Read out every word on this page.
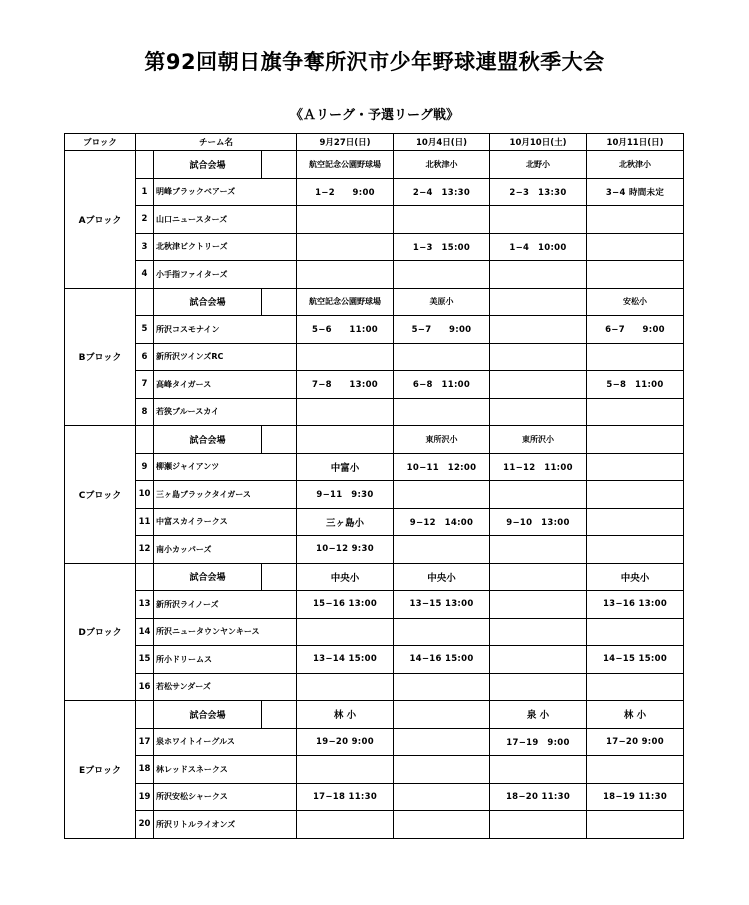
第92回朝日旗争奪所沢市少年野球連盟秋季大会
《Ａリーグ・予選リーグ戦》
ブロック	チーム名			9月27日(日)	10月4日(日)	10月10日(土)	10月11日(日)
Aブロック		試合会場		航空記念公園野球場	北秋津小	北野小	北秋津小
	1	明峰ブラックベアーズ		1−2　　9:00	2−4　13:30	2−3　13:30	3−4 時間未定
	2	山口ニュースターズ					
	3	北秋津ビクトリーズ			1−3　15:00	1−4　10:00	
	4	小手指ファイターズ					
Bブロック		試合会場		航空記念公園野球場	美原小		安松小
	5	所沢コスモナイン		5−6　　11:00	5−7　　9:00		6−7　　9:00
	6	新所沢ツインズRC					
	7	高峰タイガース		7−8　　13:00	6−8　11:00		5−8　11:00
	8	若狭ブルースカイ					
Cブロック		試合会場			東所沢小	東所沢小	
	9	柳瀬ジャイアンツ		中富小	10−11　12:00	11−12　11:00	
	10	三ヶ島ブラックタイガース		9−11　9:30			
	11	中富スカイラークス		三ヶ島小	9−12　14:00	9−10　13:00	
	12	南小カッパーズ		10−12 9:30			
Dブロック		試合会場		中央小	中央小		中央小
	13	新所沢ライノーズ		15−16 13:00	13−15 13:00		13−16 13:00
	14	所沢ニュータウンヤンキース					
	15	所小ドリームス		13−14 15:00	14−16 15:00		14−15 15:00
	16	若松サンダーズ					
Eブロック		試合会場		林 小		泉 小	林 小
	17	泉ホワイトイーグルス		19−20 9:00		17−19　9:00	17−20 9:00
	18	林レッドスネークス					
	19	所沢安松シャークス		17−18 11:30		18−20 11:30	18−19 11:30
	20	所沢リトルライオンズ					
